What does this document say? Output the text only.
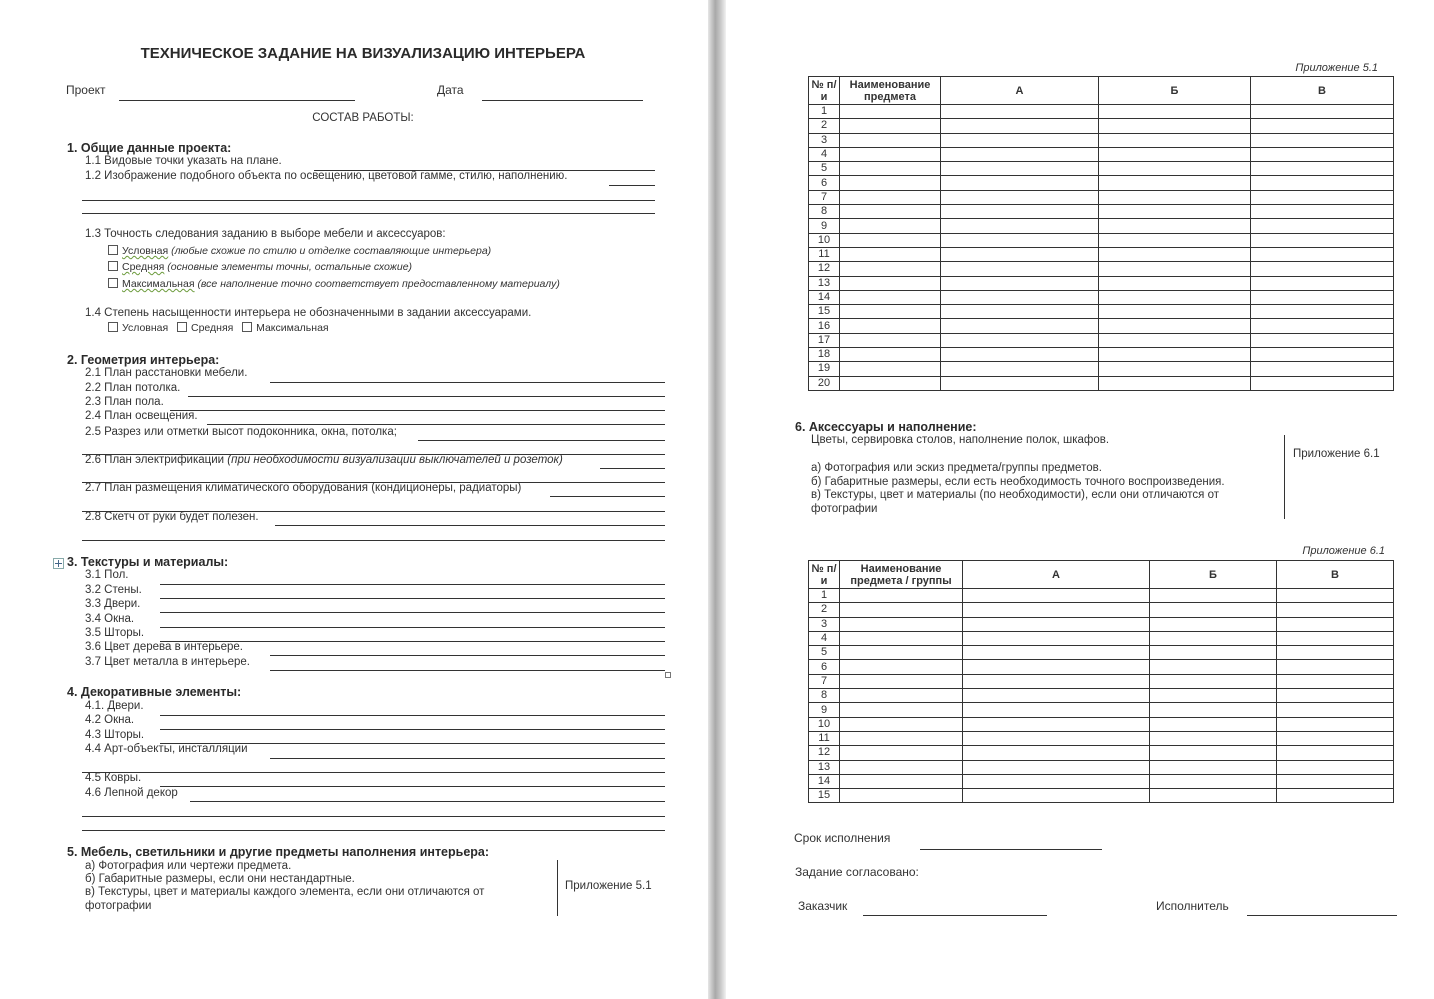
ТЕХНИЧЕСКОЕ ЗАДАНИЕ НА ВИЗУАЛИЗАЦИЮ ИНТЕРЬЕРА
Проект	Дата
СОСТАВ РАБОТЫ:
1. Общие данные проекта:
1.1 Видовые точки указать на плане.
1.2 Изображение подобного объекта по освещению, цветовой гамме, стилю, наполнению.
1.3 Точность следования заданию в выборе мебели и аксессуаров:
Условная (любые схожие по стилю и отделке составляющие интерьера)
Средняя (основные элементы точны, остальные схожие)
Максимальная (все наполнение точно соответствует предоставленному материалу)
1.4 Степень насыщенности интерьера не обозначенными в задании аксессуарами.
Условная Средняя Максимальная
2. Геометрия интерьера:
2.1 План расстановки мебели.
2.2 План потолка.
2.3 План пола.
2.4 План освещения.
2.5 Разрез или отметки высот подоконника, окна, потолка;
2.6 План электрификации (при необходимости визуализации выключателей и розеток)
2.7 План размещения климатического оборудования (кондиционеры, радиаторы)
2.8 Скетч от руки будет полезен.
3. Текстуры и материалы:
3.1 Пол.
3.2 Стены.
3.3 Двери.
3.4 Окна.
3.5 Шторы.
3.6 Цвет дерева в интерьере.
3.7 Цвет металла в интерьере.
4. Декоративные элементы:
4.1. Двери.
4.2 Окна.
4.3 Шторы.
4.4 Арт-объекты, инсталляции
4.5 Ковры.
4.6 Лепной декор
5. Мебель, светильники и другие предметы наполнения интерьера:
а) Фотография или чертежи предмета.
б) Габаритные размеры, если они нестандартные.
в) Текстуры, цвет и материалы каждого элемента, если они отличаются от
фотографии
Приложение 5.1
Приложение 5.1
№ п/и	Наименование предмета	А	Б	В
1				
2				
3				
4				
5				
6				
7				
8				
9				
10				
11				
12				
13				
14				
15				
16				
17				
18				
19				
20				
6. Аксессуары и наполнение:
Цветы, сервировка столов, наполнение полок, шкафов.
а) Фотография или эскиз предмета/группы предметов.
б) Габаритные размеры, если есть необходимость точного воспроизведения.
в) Текстуры, цвет и материалы (по необходимости), если они отличаются от
фотографии
Приложение 6.1
Приложение 6.1
№ п/и	Наименование предмета / группы	А	Б	В
1				
2				
3				
4				
5				
6				
7				
8				
9				
10				
11				
12				
13				
14				
15				
Срок исполнения
Задание согласовано:
Заказчик	Исполнитель
